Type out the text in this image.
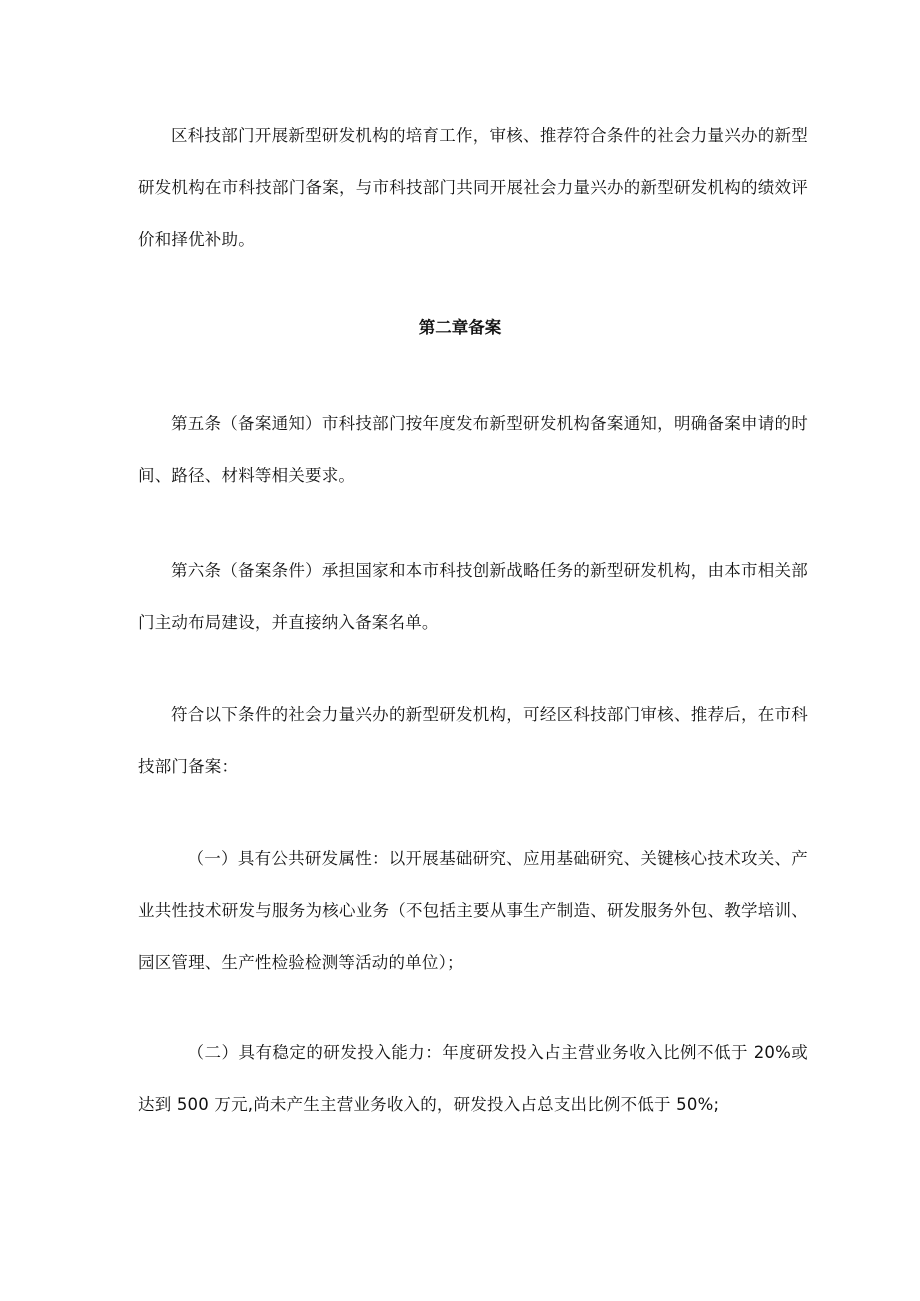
区科技部门开展新型研发机构的培育工作，审核、推荐符合条件的社会力量兴办的新型研发机构在市科技部门备案，与市科技部门共同开展社会力量兴办的新型研发机构的绩效评价和择优补助。

第二章备案

第五条（备案通知）市科技部门按年度发布新型研发机构备案通知，明确备案申请的时间、路径、材料等相关要求。

第六条（备案条件）承担国家和本市科技创新战略任务的新型研发机构，由本市相关部门主动布局建设，并直接纳入备案名单。

符合以下条件的社会力量兴办的新型研发机构，可经区科技部门审核、推荐后，在市科技部门备案：

（一）具有公共研发属性：以开展基础研究、应用基础研究、关键核心技术攻关、产业共性技术研发与服务为核心业务（不包括主要从事生产制造、研发服务外包、教学培训、园区管理、生产性检验检测等活动的单位）；

（二）具有稳定的研发投入能力：年度研发投入占主营业务收入比例不低于 20%或达到 500 万元,尚未产生主营业务收入的，研发投入占总支出比例不低于 50%;
